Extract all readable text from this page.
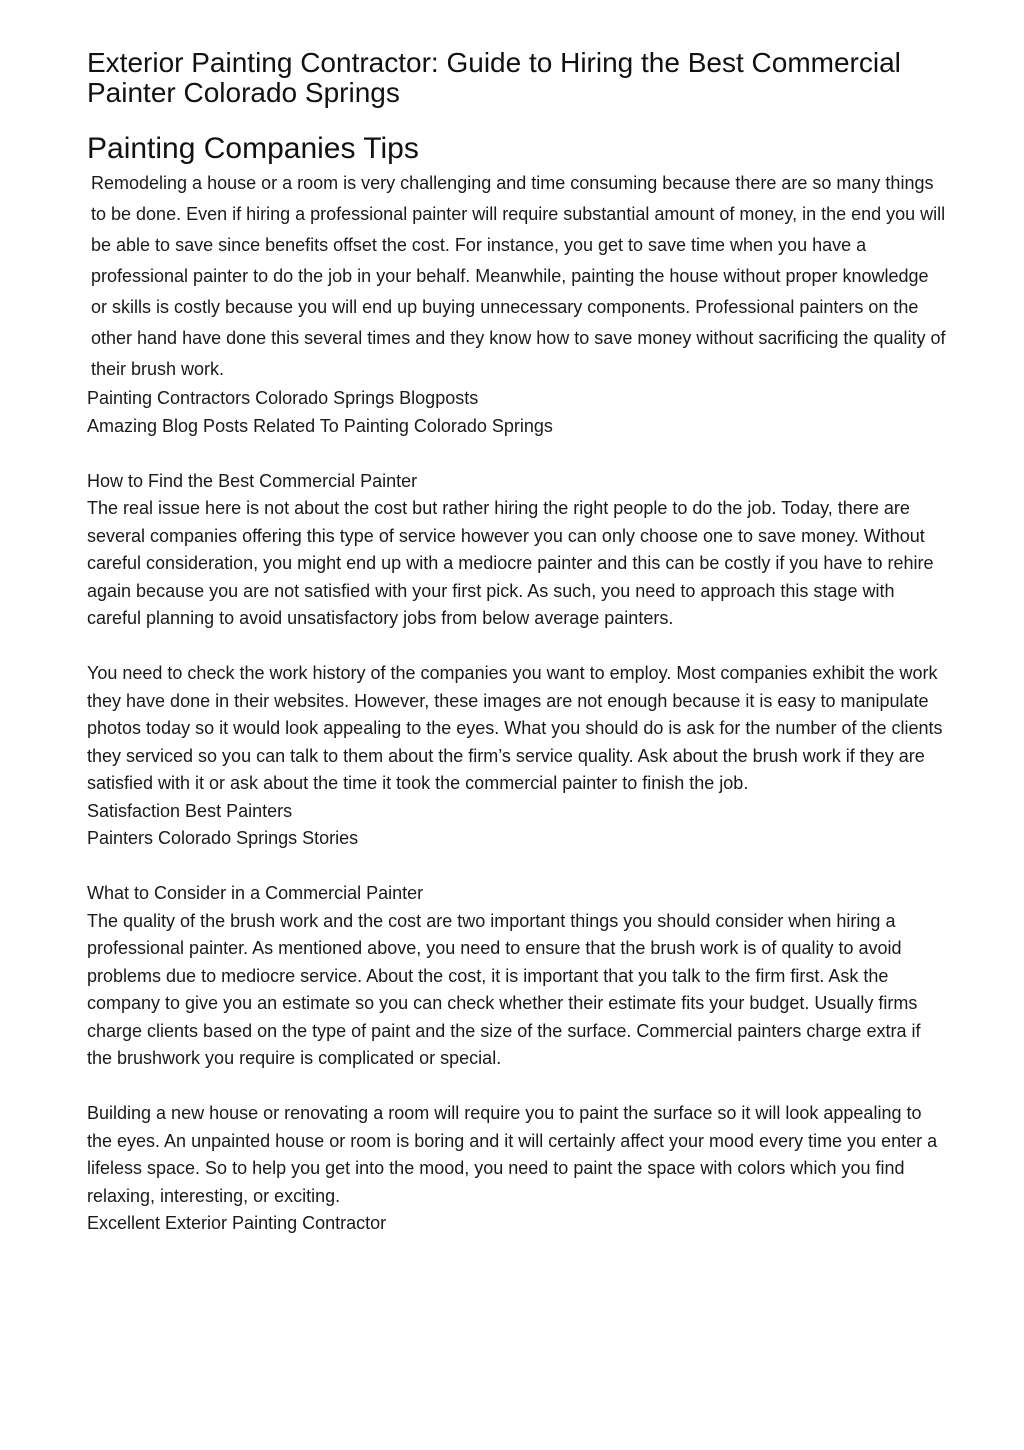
Exterior Painting Contractor: Guide to Hiring the Best Commercial Painter Colorado Springs
Painting Companies Tips

Remodeling a house or a room is very challenging and time consuming because there are so many things to be done. Even if hiring a professional painter will require substantial amount of money, in the end you will be able to save since benefits offset the cost. For instance, you get to save time when you have a professional painter to do the job in your behalf. Meanwhile, painting the house without proper knowledge or skills is costly because you will end up buying unnecessary components. Professional painters on the other hand have done this several times and they know how to save money without sacrificing the quality of their brush work.

Painting Contractors Colorado Springs Blogposts
Amazing Blog Posts Related To Painting Colorado Springs

How to Find the Best Commercial Painter

The real issue here is not about the cost but rather hiring the right people to do the job. Today, there are several companies offering this type of service however you can only choose one to save money. Without careful consideration, you might end up with a mediocre painter and this can be costly if you have to rehire again because you are not satisfied with your first pick. As such, you need to approach this stage with careful planning to avoid unsatisfactory jobs from below average painters.

You need to check the work history of the companies you want to employ. Most companies exhibit the work they have done in their websites. However, these images are not enough because it is easy to manipulate photos today so it would look appealing to the eyes. What you should do is ask for the number of the clients they serviced so you can talk to them about the firm’s service quality. Ask about the brush work if they are satisfied with it or ask about the time it took the commercial painter to finish the job.

Satisfaction Best Painters
Painters Colorado Springs Stories

What to Consider in a Commercial Painter

The quality of the brush work and the cost are two important things you should consider when hiring a professional painter. As mentioned above, you need to ensure that the brush work is of quality to avoid problems due to mediocre service. About the cost, it is important that you talk to the firm first. Ask the company to give you an estimate so you can check whether their estimate fits your budget. Usually firms charge clients based on the type of paint and the size of the surface. Commercial painters charge extra if the brushwork you require is complicated or special.

Building a new house or renovating a room will require you to paint the surface so it will look appealing to the eyes. An unpainted house or room is boring and it will certainly affect your mood every time you enter a lifeless space. So to help you get into the mood, you need to paint the space with colors which you find relaxing, interesting, or exciting.

Excellent Exterior Painting Contractor
